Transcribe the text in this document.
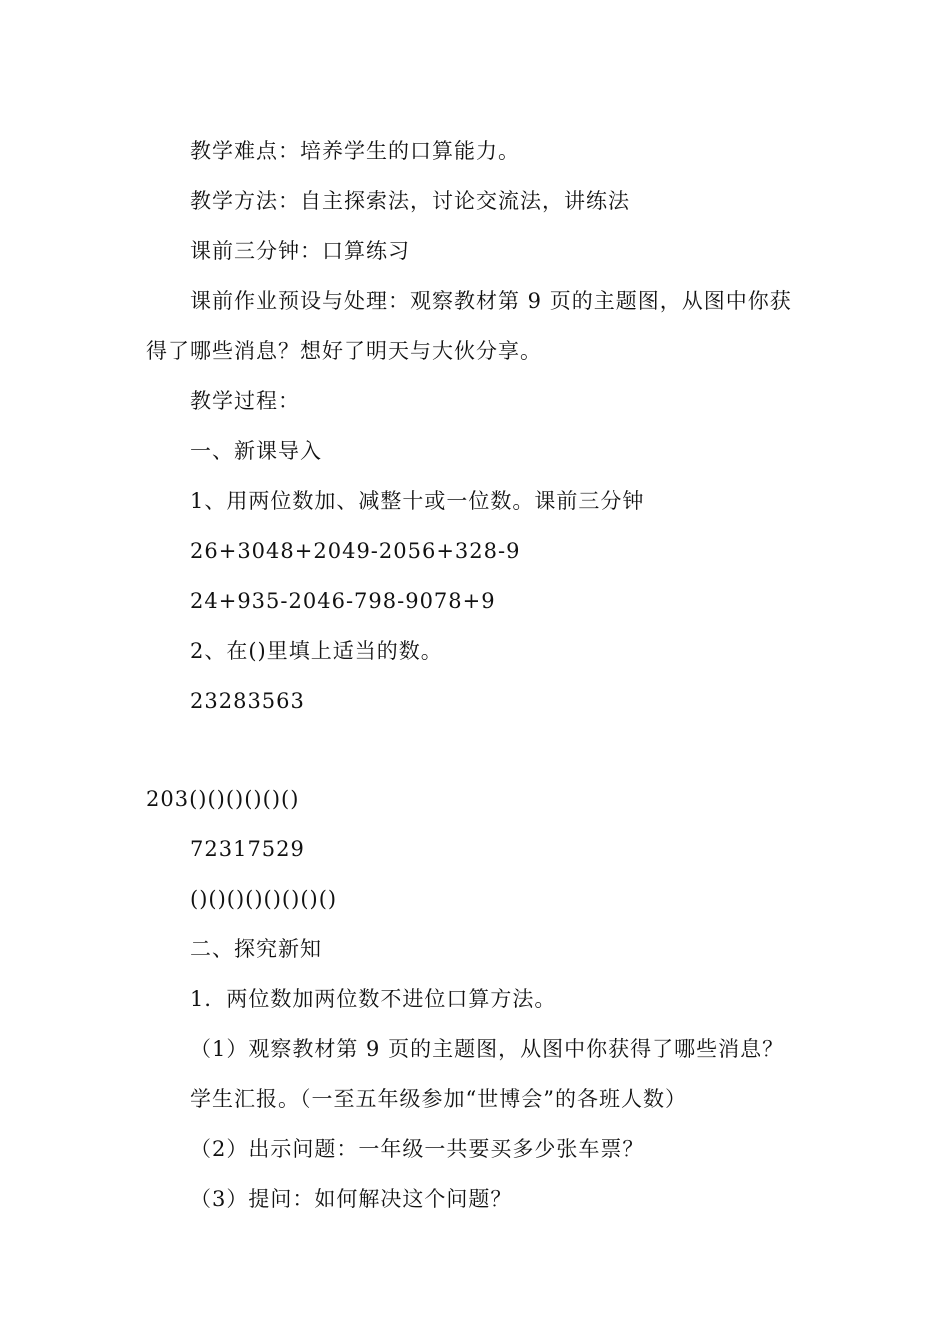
教学难点：培养学生的口算能力。

教学方法：自主探索法，讨论交流法，讲练法

课前三分钟：口算练习

课前作业预设与处理：观察教材第 9 页的主题图，从图中你获

得了哪些消息？想好了明天与大伙分享。

教学过程：

一、新课导入

1、用两位数加、减整十或一位数。课前三分钟

26+3048+2049-2056+328-9

24+935-2046-798-9078+9

2、在()里填上适当的数。

23283563

203()()()()()()

72317529

()()()()()()()()

二、探究新知

1．两位数加两位数不进位口算方法。

（1）观察教材第 9 页的主题图，从图中你获得了哪些消息？

学生汇报。（一至五年级参加“世博会”的各班人数）

（2）出示问题：一年级一共要买多少张车票？

（3）提问：如何解决这个问题？
